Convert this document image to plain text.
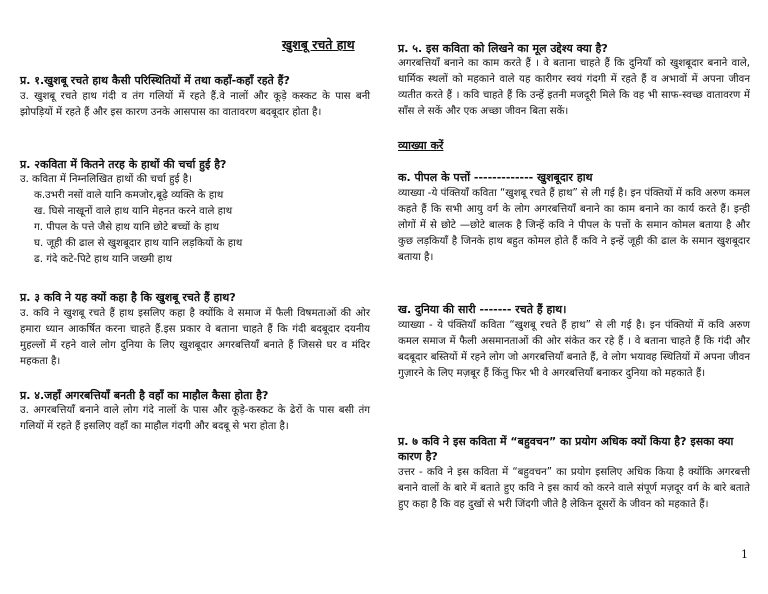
खुशबू रचते हाथ
प्र. १.खुशबू रचते हाथ कैसी परिस्थितियों में तथा कहाँ-कहाँ रहते हैं?
उ. खुशबू रचते हाथ गंदी व तंग गलियों में रहते हैं.वे नालों और कूड़े कस्कट के पास बनी झोपड़ियों में रहते हैं और इस कारण उनके आसपास का वातावरण बदबूदार होता है।
प्र. २कविता में कितने तरह के हाथों की चर्चा हुई है?
उ. कविता में निम्नलिखित हाथों की चर्चा हुई है।
क.उभरी नसों वाले यानि कमजोर,बूढ़े व्यक्ति के हाथ
ख. घिसे नाखूनों वाले हाथ यानि मेहनत करने वाले हाथ
ग. पीपल के पत्ते जैसे हाथ यानि छोटे बच्चों के हाथ
घ. जूही की ढाल से खुशबूदार हाथ यानि लड़कियों के हाथ
ढ. गंदे कटे-पिटे हाथ यानि जख्मी हाथ
प्र. ३ कवि ने यह क्यों कहा है कि खुशबू रचते हैं हाथ?
उ. कवि ने खुशबू रचते हैं हाथ इसलिए कहा है क्योंकि वे समाज में फैली विषमताओं की ओर हमारा ध्यान आकर्षित करना चाहते हैं.इस प्रकार वे बताना चाहते हैं कि गंदी बदबूदार दयनीय मुहल्लों में रहने वाले लोग दुनिया के लिए खुशबूदार अगरबत्तियाँ बनाते हैं जिससे घर व मंदिर महकता है।
प्र. ४.जहाँ अगरबत्तियाँ बनती है वहाँ का माहौल कैसा होता है?
उ. अगरबत्तियाँ बनाने वाले लोग गंदे नालों के पास और कूड़े-कस्कट के ढेरों के पास बसी तंग गलियों में रहते हैं इसलिए वहाँ का माहौल गंदगी और बदबू से भरा होता है।
प्र. ५. इस कविता को लिखने का मूल उद्देश्य क्या है?
अगरबत्तियाँ बनाने का काम करते हैं । वे बताना चाहते हैं कि दुनियाँ को खुशबूदार बनाने वाले, धार्मिक स्थलों को महकाने वाले यह कारीगर स्वयं गंदगी में रहते हैं व अभावों में अपना जीवन व्यतीत करते हैं । कवि चाहते हैं कि उन्हें इतनी मजदूरी मिले कि वह भी साफ-स्वच्छ वातावरण में साँस ले सकें और एक अच्छा जीवन बिता सकें।
व्याख्या करें
क. पीपल के पत्तों ------------- खुशबूदार हाथ
व्याख्या -ये पंक्तियाँ कविता “खुशबू रचते हैं हाथ” से ली गई है। इन पंक्तियों में कवि अरुण कमल कहते हैं कि सभी आयु वर्ग के लोग अगरबत्तियाँ बनाने का काम बनाने का कार्य करते हैं। इन्ही लोगों में से छोटे —छोटे बालक है जिन्हें कवि ने पीपल के पत्तों के समान कोमल बताया है और कुछ लड़कियाँ है जिनके हाथ बहुत कोमल होते हैं कवि ने इन्हें जूही की ढाल के समान खुशबूदार बताया है।
ख. दुनिया की सारी ------- रचते हैं हाथ।
व्याख्या - ये पंक्तियाँ कविता “खुशबू रचते हैं हाथ” से ली गई है। इन पंक्तियों में कवि अरुण कमल समाज में फैली असमानताओं की ओर संकेत कर रहे हैं । वे बताना चाहते हैं कि गंदी और बदबूदार बस्तियों में रहने लोग जो अगरबत्तियाँ बनाते हैं, वे लोग भयावह स्थितियों में अपना जीवन गुज़ारने के लिए मज़बूर हैं किंतु फिर भी वे अगरबत्तियाँ बनाकर दुनिया को महकाते हैं।
प्र. ७ कवि ने इस कविता में “बहुवचन” का प्रयोग अधिक क्यों किया है? इसका क्या कारण है?
उत्तर - कवि ने इस कविता में “बहुवचन” का प्रयोग इसलिए अधिक किया है क्योंकि अगरबत्ती बनाने वालों के बारे में बताते हुए कवि ने इस कार्य को करने वाले संपूर्ण मज़दूर वर्ग के बारे बताते हुए कहा है कि वह दुखों से भरी जिंदगी जीते है लेकिन दूसरों के जीवन को महकाते हैं।
1
